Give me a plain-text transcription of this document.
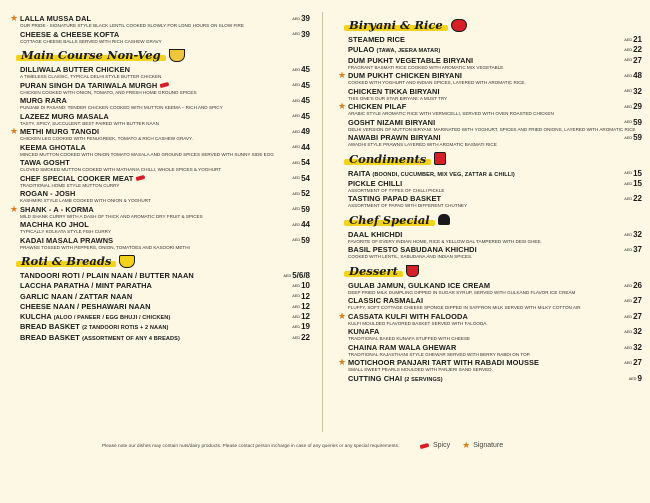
★ LALLA MUSSA DAL
OUR PRIDE - SIGNATURE STYLE BLACK LENTIL COOKED SLOWLY FOR LONG HOURS ON SLOW FIRE
AED39
CHEESE & CHEESE KOFTA
COTTAGE CHEESE BALLS SERVED WITH RICH CASHEW GRAVY
AED39
Main Course Non-Veg
DILLIWALA BUTTER CHICKEN
A TIMELESS CLASSIC, TYPICAL DELHI STYLE BUTTER CHICKEN
AED45
PURAN SINGH DA TARIWALA MURGH
CHICKEN COOKED WITH ONION, TOMATO, AND FRESH HOME GROUND SPICES
AED45
MURG RARA
PUNJABI DI PASAND: TENDER CHICKEN COOKED WITH MUTTON KEEMA – RICH AND SPICY
AED45
LAZEEZ MURG MASALA
TASTY, SPICY, SUCCULENT: BEST PAIRED WITH BUTTER NAAN
AED45
★ METHI MURG TANGDI
CHICKEN LEG COOKED WITH FENUGREEK, TOMATO & RICH CASHEW GRAVY.
AED49
KEEMA GHOTALA
MINCED MUTTON COOKED WITH ONION TOMATO MASALA AND GROUND SPICES SERVED WITH SUNNY SIDE EGG
AED44
TAWA GOSHT
CLOVED SMOKED MUTTON COOKED WITH MATHANIA CHILLI, WHOLE SPICES & YOGHURT
AED54
CHEF SPECIAL COOKER MEAT
TRADITIONAL HOME STYLE MUTTON CURRY
AED54
ROGAN - JOSH
KASHMIRI STYLE LAMB COOKED WITH ONION & YOGHURT
AED52
★ SHANK - A - KORMA
MILD SHANK CURRY WITH A DASH OF THICK AND AROMATIC DRY FRUIT & SPICES
AED59
MACHHA KO JHOL
TYPICALLY KOLKATA STYLE FISH CURRY
AED44
KADAI MASALA PRAWNS
PRAWNS TOSSED WITH PEPPERS, ONION, TOMATOES AND KASOORI METHI
AED59
Roti & Breads
TANDOORI ROTI / PLAIN NAAN / BUTTER NAAN	AED5/6/8
LACCHA PARATHA / MINT PARATHA	AED10
GARLIC NAAN / ZATTAR NAAN	AED12
CHEESE NAAN / PESHAWARI NAAN	AED12
KULCHA (ALOO / PANEER / EGG BHUJI / CHICKEN)	AED12
BREAD BASKET (2 TANDOORI ROTIS + 2 NAAN)	AED19
BREAD BASKET (ASSORTMENT OF ANY 4 BREADS)	AED22
Biryani & Rice
STEAMED RICE	AED21
PULAO (TAWA, JEERA MATAR)	AED22
DUM PUKHT VEGETABLE BIRYANI
FRAGRANT BASMATI RICE COOKED WITH AROMATIC MIX VEGETABLE
AED27
★ DUM PUKHT CHICKEN BIRYANI
COOKED WITH YOGHURT AND INDIAN SPICES, LAYERED WITH AROMATIC RICE.
AED48
CHICKEN TIKKA BIRYANI
THIS ONE'S OUR STAR BIRYANI: A MUST TRY
AED32
★ CHICKEN PILAF
ARABIC STYLE AROMATIC RICE WITH VERMICELLI, SERVED WITH OVEN ROASTED CHICKEN
AED29
GOSHT NIZAMI BIRYANI
DELHI VERSION OF MUTTON BIRYANI: MARINATED WITH YOGHURT, SPICES AND FRIED ONIONS, LAYERED WITH AROMATIC RICE
AED59
NAWABI PRAWN BIRYANI
AWADHI STYLE PRAWNS LAYERED WITH AROMATIC BASMATI RICE
AED59
Condiments
RAITA (BOONDI, CUCUMBER, MIX VEG, ZATTAR & CHILLI)	AED15
PICKLE CHILLI
ASSORTMENT OF TYPES OF CHILLI PICKLE
AED15
TASTING PAPAD BASKET
ASSORTMENT OF PAPAD WITH DIFFERENT CHUTNEY
AED22
Chef Special
DAAL KHICHDI
FAVORITE OF EVERY INDIAN HOME, RICE & YELLOW DAL TAMPERED WITH DESI GHEE.
AED32
BASIL PESTO SABUDANA KHICHDI
COOKED WITH LENTIL, SABUDANA AND INDIAN SPICES.
AED37
Dessert
GULAB JAMUN, GULKAND ICE CREAM
DEEP FRIED MILK DUMPLING DIPPED IN SUGAR SYRUP, SERVED WITH GULKAND FLAVOR ICE CREAM
AED26
CLASSIC RASMALAI
FLUFFY, SOFT COTTAGE CHEESE SPONGE DIPPED IN SAFFRON MILK SERVED WITH MILKY COTTON AIR
AED27
★ CASSATA KULFI WITH FALOODA
KULFI MOULDED FLAVORED BASKET SERVED WITH FALOODA.
AED27
KUNAFA
TRADITIONAL BAKED KUNAFA STUFFED WITH CHEESE
AED32
CHAINA RAM WALA GHEWAR
TRADITIONAL RAJASTHANI STYLE GHEWAR SERVED WITH BERRY RABDI ON TOP.
AED32
★ MOTICHOOR PANJARI TART WITH RABADI MOUSSE
SMALL SWEET PEARLS MOULDED WITH PANJERI SAND SERVED.
AED27
CUTTING CHAI (2 SERVINGS)	AED9
Please note our dishes may contain nuts/dairy products. Please contact person incharge in case of any queries or any special requirements.	Spicy ★ Signature
